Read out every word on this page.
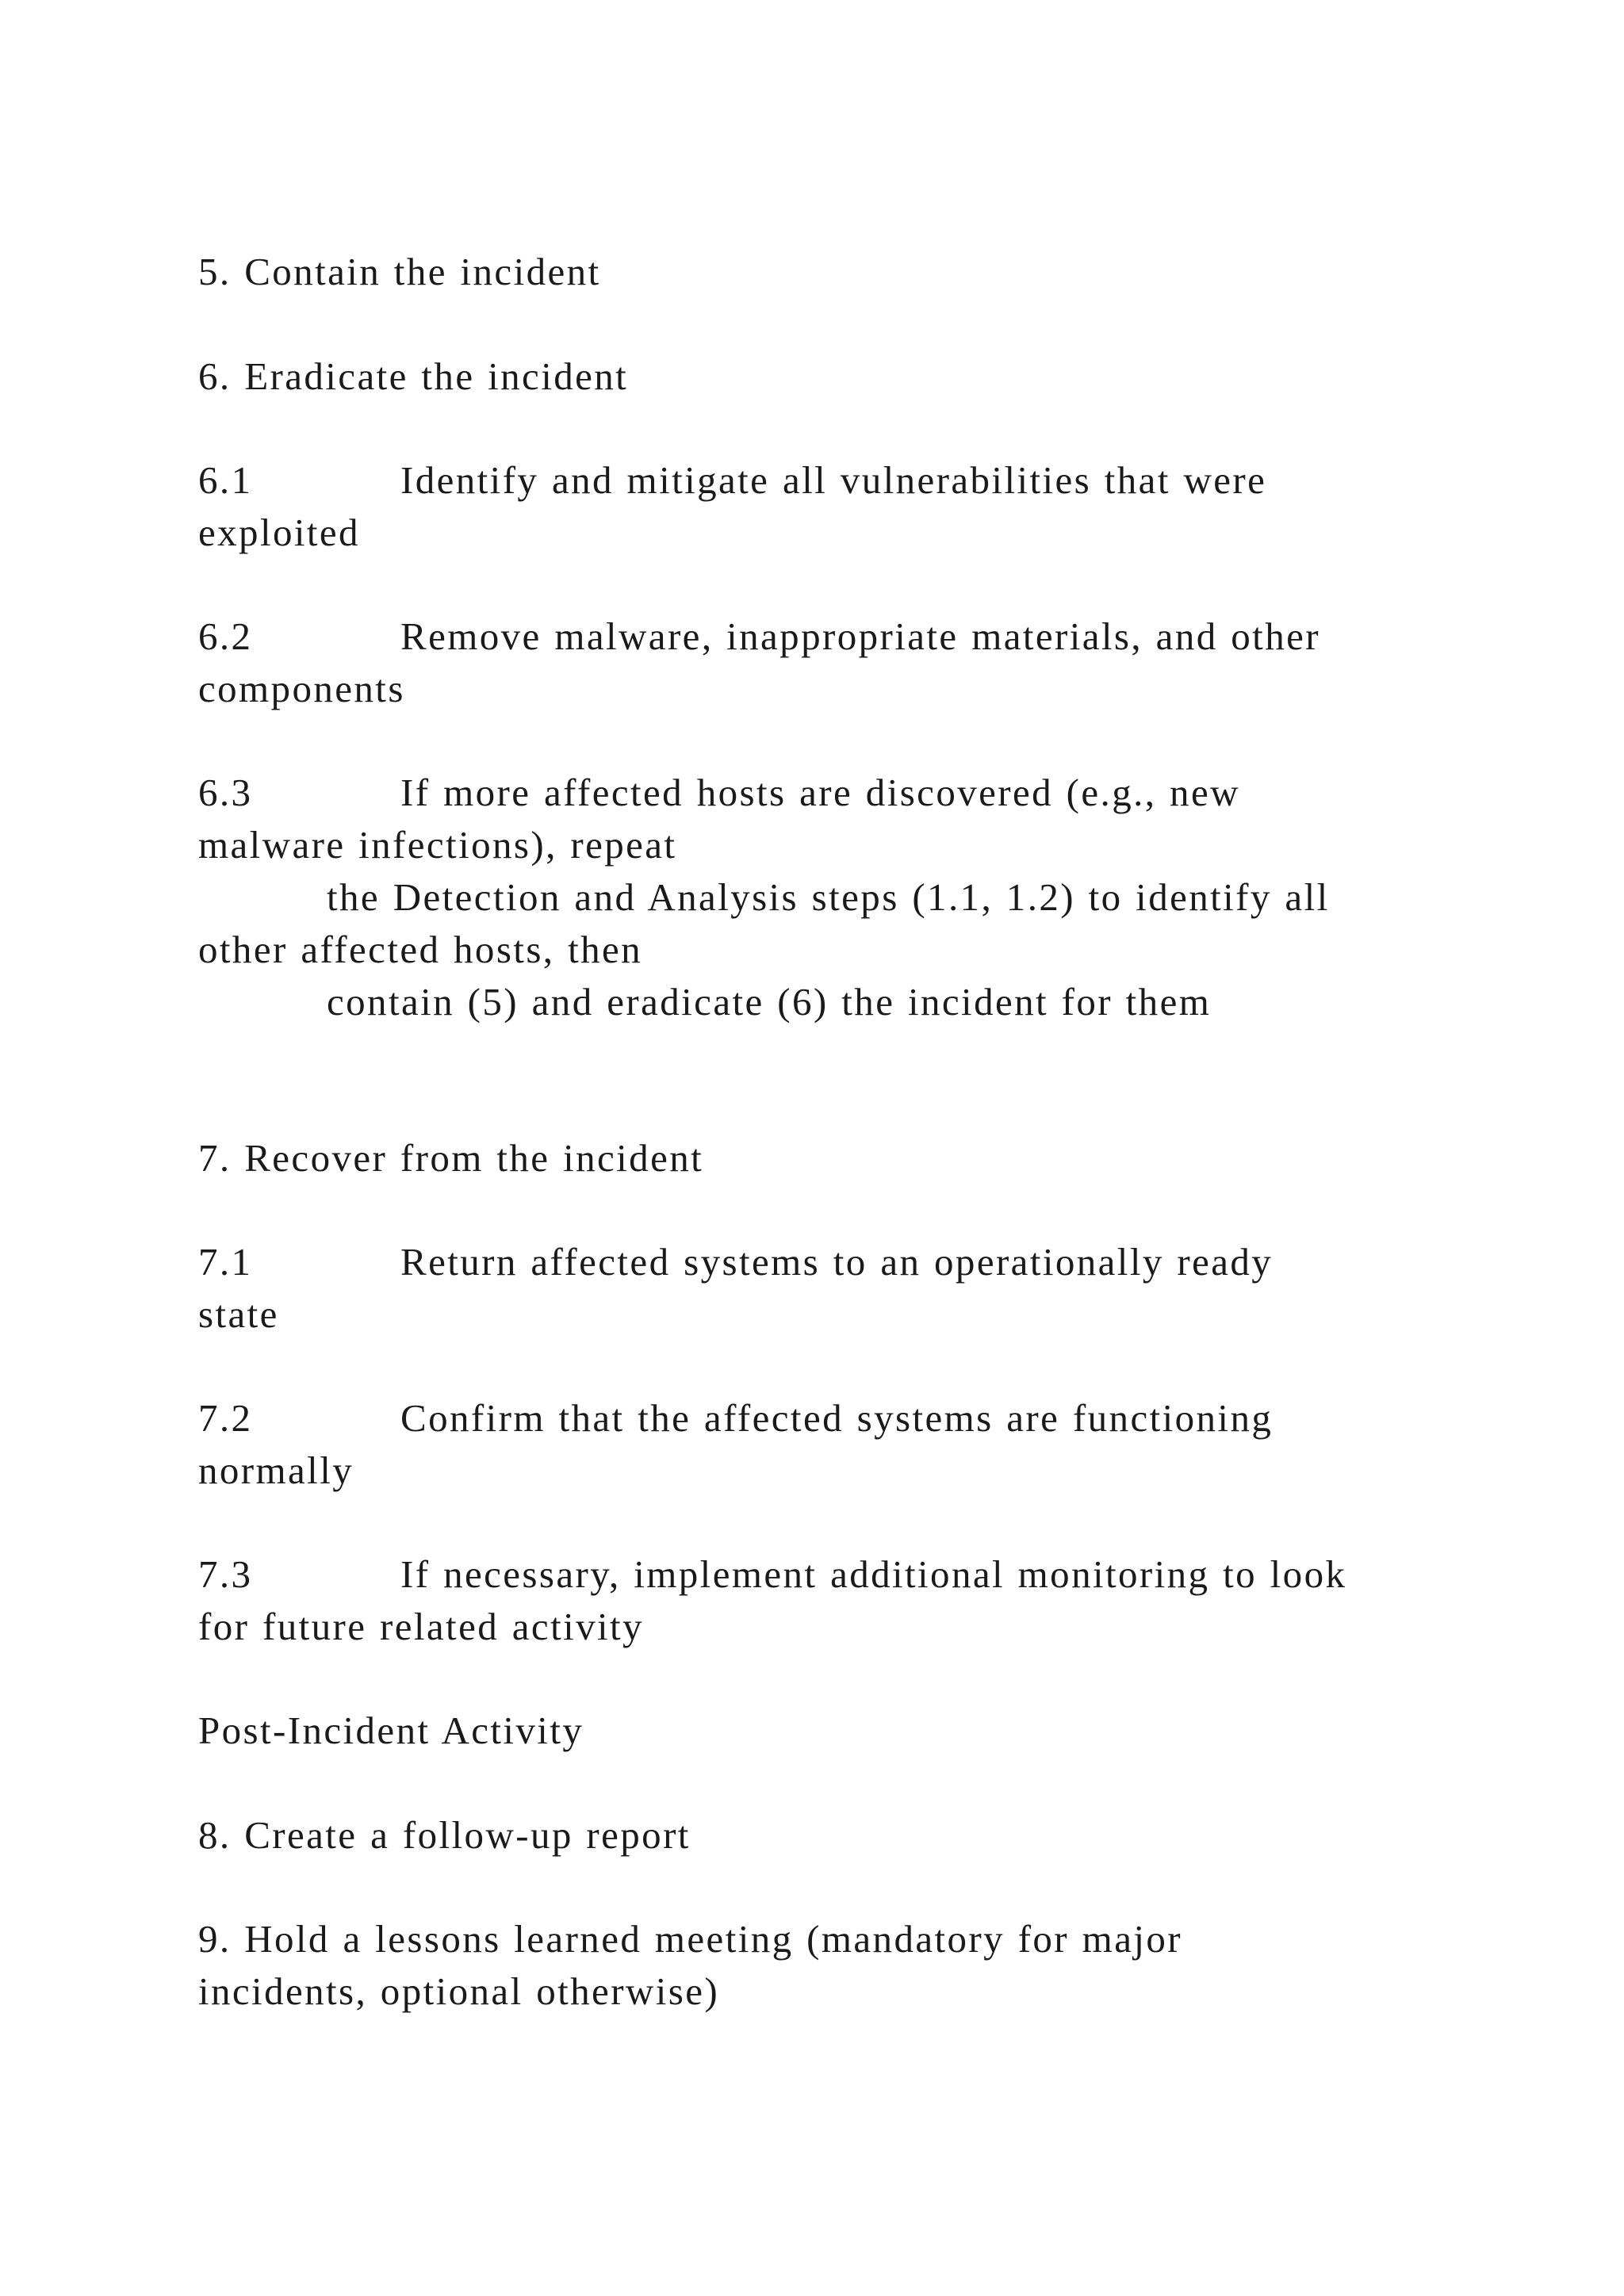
5. Contain the incident
6. Eradicate the incident
6.1	Identify and mitigate all vulnerabilities that were
exploited
6.2	Remove malware, inappropriate materials, and other
components
6.3	If more affected hosts are discovered (e.g., new
malware infections), repeat
the Detection and Analysis steps (1.1, 1.2) to identify all
other affected hosts, then
contain (5) and eradicate (6) the incident for them
7. Recover from the incident
7.1	Return affected systems to an operationally ready
state
7.2	Confirm that the affected systems are functioning
normally
7.3	If necessary, implement additional monitoring to look
for future related activity
Post-Incident Activity
8. Create a follow-up report
9. Hold a lessons learned meeting (mandatory for major
incidents, optional otherwise)
